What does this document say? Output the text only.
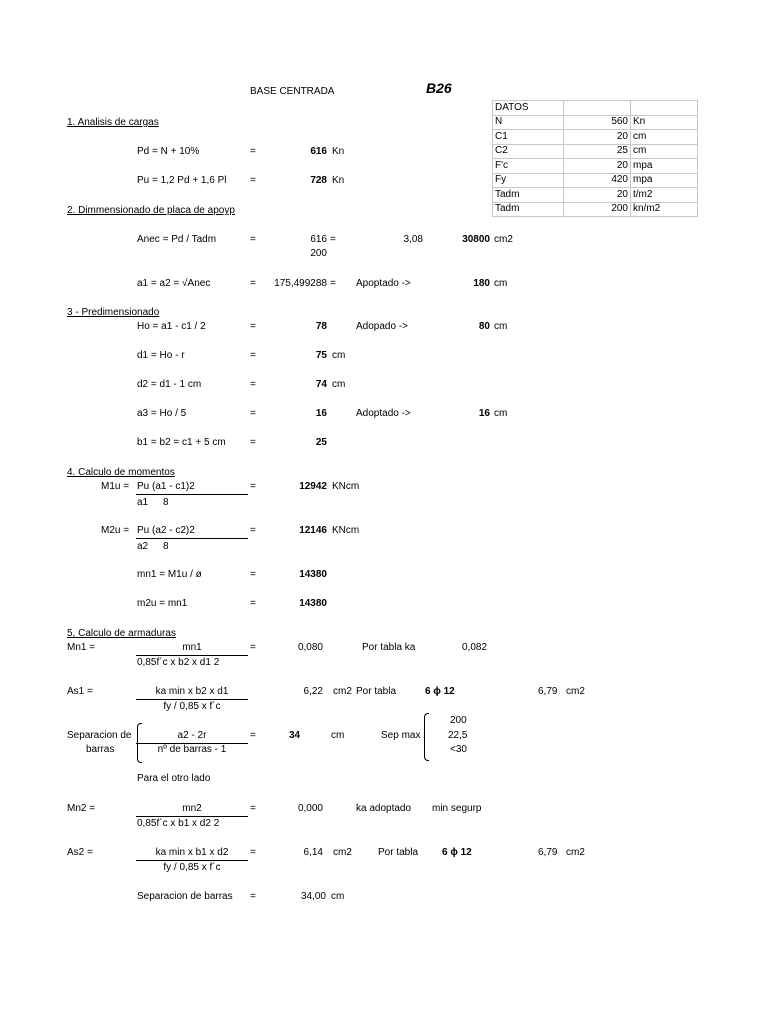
BASE CENTRADA	B26
DATOS		
N	560	Kn
C1	20	cm
C2	25	cm
F'c	20	mpa
Fy	420	mpa
Tadm	20	t/m2
Tadm	200	kn/m2
1. Analisis de cargas
Pd = N + 10%	=	616 Kn
Pu = 1,2 Pd + 1,6 Pl =	728 Kn
2. Dimmensionado de placa de apoyp
Anec = Pd / Tadm	=	616 =
200
3,08	30800 cm2
a1 = a2 = √Anec	=	175,499288 = Apoptado ->	180 cm
3 - Predimensionado
Ho = a1 - c1 / 2	=	78	Adopado ->	80 cm
d1 = Ho - r	=	75 cm
d2 = d1 - 1 cm	=	74 cm
a3 = Ho / 5	=	16	Adoptado ->	16 cm
b1 = b2 = c1 + 5 cm =	25
4. Calculo de momentos
M1u = Pu (a1 - c1)2
a1 8
=	12942 KNcm
M2u = Pu (a2 - c2)2
a2 8
=	12146 KNcm
mn1 = M1u / ø	=	14380
m2u = mn1	=	14380
5, Calculo de armaduras
Mn1 =	mn1
0,85f´c x b2 x d1 2
=	0,080	Por tabla ka	0,082
As1 =	ka min x b2 x d1
fy / 0,85 x f´c
6,22 cm2 Por tabla	6 ϕ 12	6,79 cm2
Separacion de
barras
a2 - 2r
nº de barras - 1
=	34	cm	Sep max
200
22,5
<30
Para el otro lado
Mn2 =	mn2
0,85f´c x b1 x d2 2
=	0,000	ka adoptado min segurp
As2 =	ka min x b1 x d2
fy / 0,85 x f´c
=	6,14 cm2	Por tabla 6 ϕ 12	6,79 cm2
Separacion de barras =	34,00 cm
